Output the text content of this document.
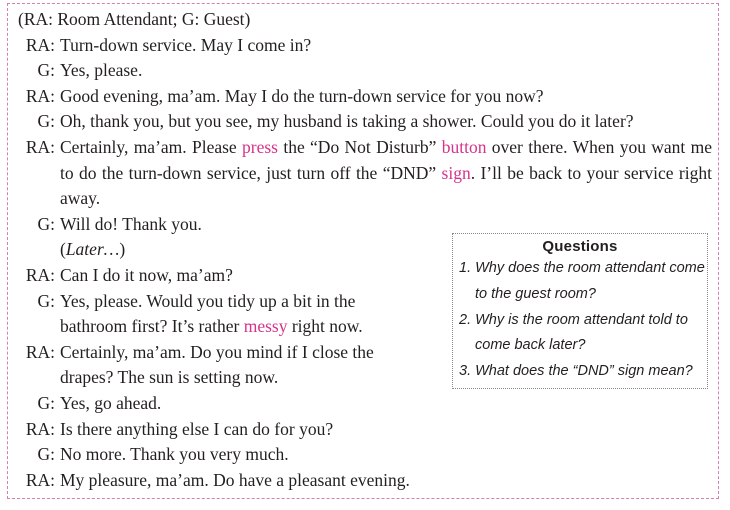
(RA: Room Attendant; G: Guest)
RA: Turn-down service. May I come in?
G: Yes, please.
RA: Good evening, ma’am. May I do the turn-down service for you now?
G: Oh, thank you, but you see, my husband is taking a shower. Could you do it later?
RA: Certainly, ma’am. Please press the “Do Not Disturb” button over there. When you want me to do the turn-down service, just turn off the “DND” sign. I’ll be back to your service right away.
G: Will do! Thank you.
(Later…)
RA: Can I do it now, ma’am?
G: Yes, please. Would you tidy up a bit in the bathroom first? It’s rather messy right now.
RA: Certainly, ma’am. Do you mind if I close the drapes? The sun is setting now.
G: Yes, go ahead.
RA: Is there anything else I can do for you?
G: No more. Thank you very much.
RA: My pleasure, ma’am. Do have a pleasant evening.
Questions
1. Why does the room attendant come
to the guest room?
2. Why is the room attendant told to
come back later?
3. What does the “DND” sign mean?
